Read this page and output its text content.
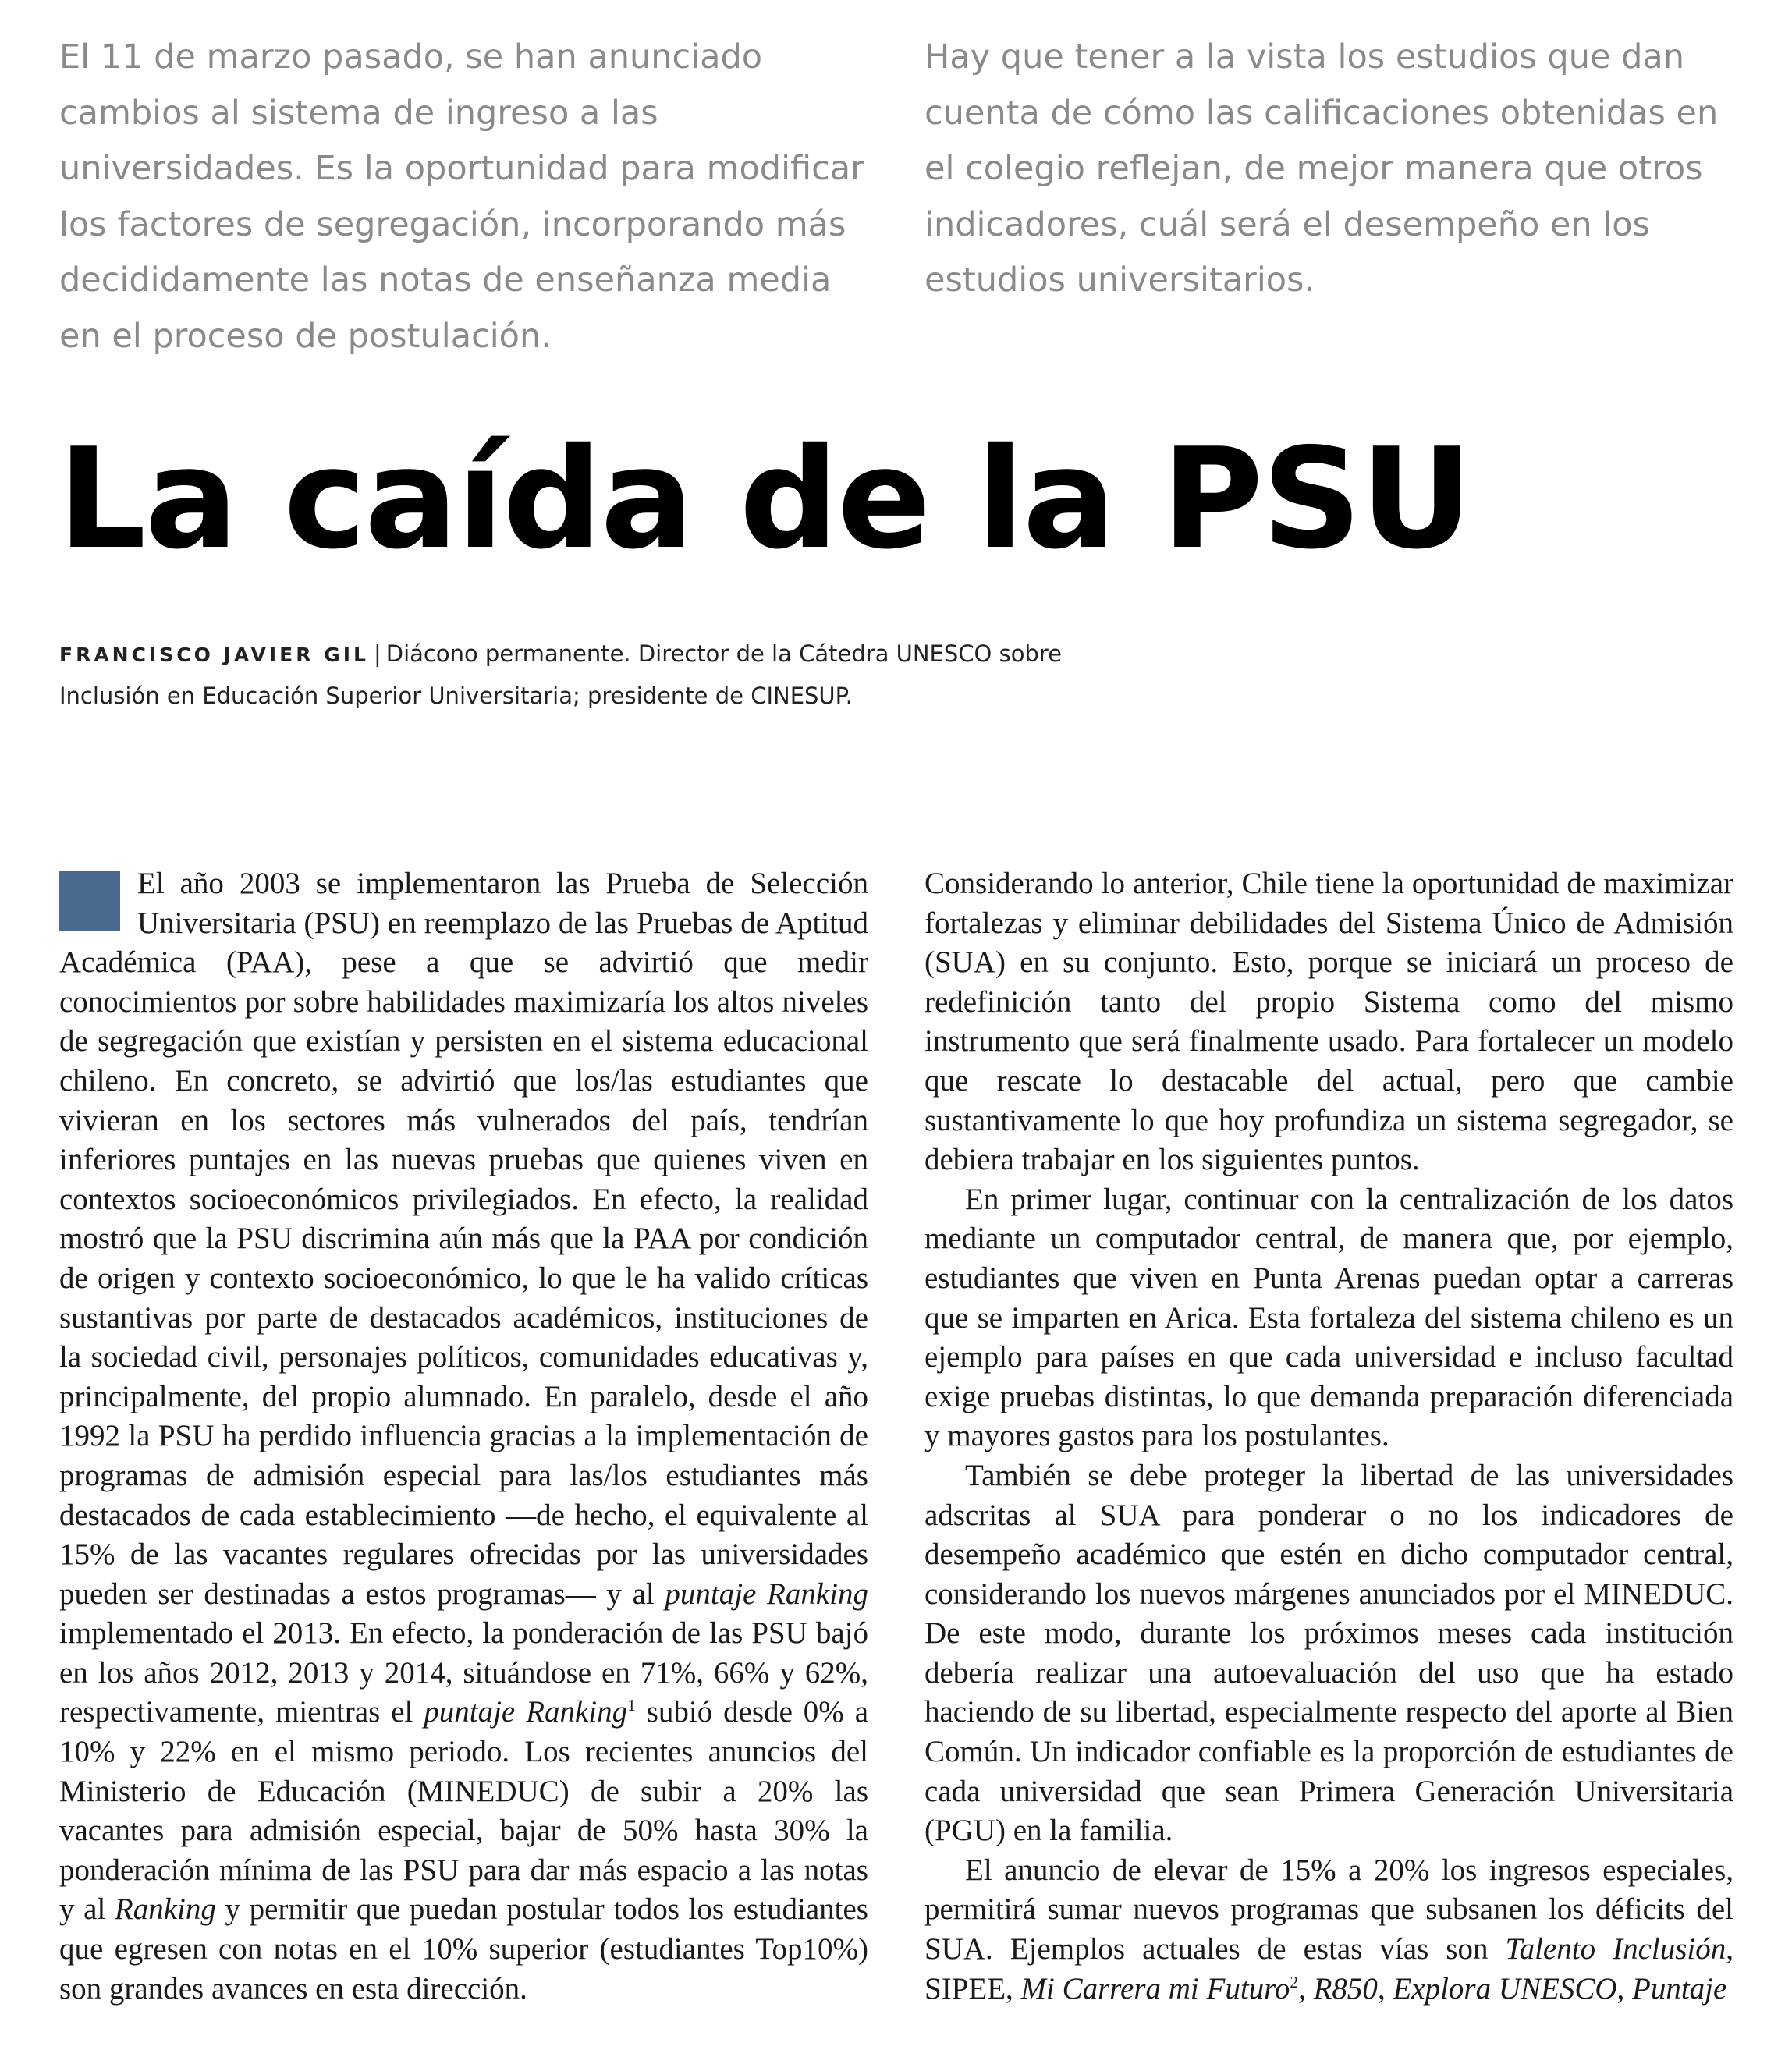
El 11 de marzo pasado, se han anunciado cambios al sistema de ingreso a las universidades. Es la oportunidad para modificar los factores de segregación, incorporando más decididamente las notas de enseñanza media en el proceso de postulación.

Hay que tener a la vista los estudios que dan cuenta de cómo las calificaciones obtenidas en el colegio reflejan, de mejor manera que otros indicadores, cuál será el desempeño en los estudios universitarios.

La caída de la PSU

FRANCISCO JAVIER GIL | Diácono permanente. Director de la Cátedra UNESCO sobre Inclusión en Educación Superior Universitaria; presidente de CINESUP.

El año 2003 se implementaron las Prueba de Selección Universitaria (PSU) en reemplazo de las Pruebas de Aptitud Académica (PAA), pese a que se advirtió que medir conocimientos por sobre habilidades maximizaría los altos niveles de segregación que existían y persisten en el sistema educacional chileno. En concreto, se advirtió que los/las estudiantes que vivieran en los sectores más vulnerados del país, tendrían inferiores puntajes en las nuevas pruebas que quienes viven en contextos socioeconómicos privilegiados. En efecto, la realidad mostró que la PSU discrimina aún más que la PAA por condición de origen y contexto socioeconómico, lo que le ha valido críticas sustantivas por parte de destacados académicos, instituciones de la sociedad civil, personajes políticos, comunidades educativas y, principalmente, del propio alumnado. En paralelo, desde el año 1992 la PSU ha perdido influencia gracias a la implementación de programas de admisión especial para las/los estudiantes más destacados de cada establecimiento —de hecho, el equivalente al 15% de las vacantes regulares ofrecidas por las universidades pueden ser destinadas a estos programas— y al puntaje Ranking implementado el 2013. En efecto, la ponderación de las PSU bajó en los años 2012, 2013 y 2014, situándose en 71%, 66% y 62%, respectivamente, mientras el puntaje Ranking$^1$ subió desde 0% a 10% y 22% en el mismo periodo. Los recientes anuncios del Ministerio de Educación (MINEDUC) de subir a 20% las vacantes para admisión especial, bajar de 50% hasta 30% la ponderación mínima de las PSU para dar más espacio a las notas y al Ranking y permitir que puedan postular todos los estudiantes que egresen con notas en el 10% superior (estudiantes Top10%) son grandes avances en esta dirección.

Considerando lo anterior, Chile tiene la oportunidad de maximizar fortalezas y eliminar debilidades del Sistema Único de Admisión (SUA) en su conjunto. Esto, porque se iniciará un proceso de redefinición tanto del propio Sistema como del mismo instrumento que será finalmente usado. Para fortalecer un modelo que rescate lo destacable del actual, pero que cambie sustantivamente lo que hoy profundiza un sistema segregador, se debiera trabajar en los siguientes puntos.

En primer lugar, continuar con la centralización de los datos mediante un computador central, de manera que, por ejemplo, estudiantes que viven en Punta Arenas puedan optar a carreras que se imparten en Arica. Esta fortaleza del sistema chileno es un ejemplo para países en que cada universidad e incluso facultad exige pruebas distintas, lo que demanda preparación diferenciada y mayores gastos para los postulantes.

También se debe proteger la libertad de las universidades adscritas al SUA para ponderar o no los indicadores de desempeño académico que estén en dicho computador central, considerando los nuevos márgenes anunciados por el MINEDUC. De este modo, durante los próximos meses cada institución debería realizar una autoevaluación del uso que ha estado haciendo de su libertad, especialmente respecto del aporte al Bien Común. Un indicador confiable es la proporción de estudiantes de cada universidad que sean Primera Generación Universitaria (PGU) en la familia.

El anuncio de elevar de 15% a 20% los ingresos especiales, permitirá sumar nuevos programas que subsanen los déficits del SUA. Ejemplos actuales de estas vías son Talento Inclusión, SIPEE, Mi Carrera mi Futuro$^2$, R850, Explora UNESCO, Puntaje
